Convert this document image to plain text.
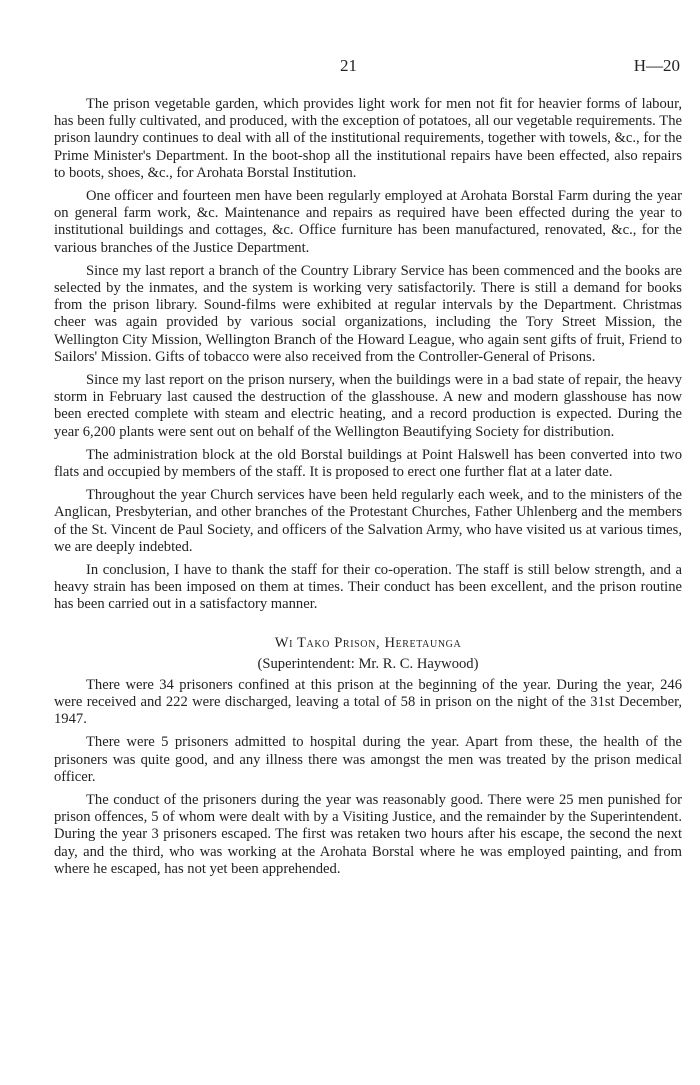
21	H—20

The prison vegetable garden, which provides light work for men not fit for heavier forms of labour, has been fully cultivated, and produced, with the exception of potatoes, all our vegetable requirements. The prison laundry continues to deal with all of the institutional requirements, together with towels, &c., for the Prime Minister's Department. In the boot-shop all the institutional repairs have been effected, also repairs to boots, shoes, &c., for Arohata Borstal Institution.

One officer and fourteen men have been regularly employed at Arohata Borstal Farm during the year on general farm work, &c. Maintenance and repairs as required have been effected during the year to institutional buildings and cottages, &c. Office furniture has been manufactured, renovated, &c., for the various branches of the Justice Department.

Since my last report a branch of the Country Library Service has been commenced and the books are selected by the inmates, and the system is working very satisfactorily. There is still a demand for books from the prison library. Sound-films were exhibited at regular intervals by the Department. Christmas cheer was again provided by various social organizations, including the Tory Street Mission, the Wellington City Mission, Wellington Branch of the Howard League, who again sent gifts of fruit, Friend to Sailors' Mission. Gifts of tobacco were also received from the Controller-General of Prisons.

Since my last report on the prison nursery, when the buildings were in a bad state of repair, the heavy storm in February last caused the destruction of the glasshouse. A new and modern glasshouse has now been erected complete with steam and electric heating, and a record production is expected. During the year 6,200 plants were sent out on behalf of the Wellington Beautifying Society for distribution.

The administration block at the old Borstal buildings at Point Halswell has been converted into two flats and occupied by members of the staff. It is proposed to erect one further flat at a later date.

Throughout the year Church services have been held regularly each week, and to the ministers of the Anglican, Presbyterian, and other branches of the Protestant Churches, Father Uhlenberg and the members of the St. Vincent de Paul Society, and officers of the Salvation Army, who have visited us at various times, we are deeply indebted.

In conclusion, I have to thank the staff for their co-operation. The staff is still below strength, and a heavy strain has been imposed on them at times. Their conduct has been excellent, and the prison routine has been carried out in a satisfactory manner.

Wi Tako Prison, Heretaunga
(Superintendent: Mr. R. C. Haywood)

There were 34 prisoners confined at this prison at the beginning of the year. During the year, 246 were received and 222 were discharged, leaving a total of 58 in prison on the night of the 31st December, 1947.

There were 5 prisoners admitted to hospital during the year. Apart from these, the health of the prisoners was quite good, and any illness there was amongst the men was treated by the prison medical officer.

The conduct of the prisoners during the year was reasonably good. There were 25 men punished for prison offences, 5 of whom were dealt with by a Visiting Justice, and the remainder by the Superintendent. During the year 3 prisoners escaped. The first was retaken two hours after his escape, the second the next day, and the third, who was working at the Arohata Borstal where he was employed painting, and from where he escaped, has not yet been apprehended.
